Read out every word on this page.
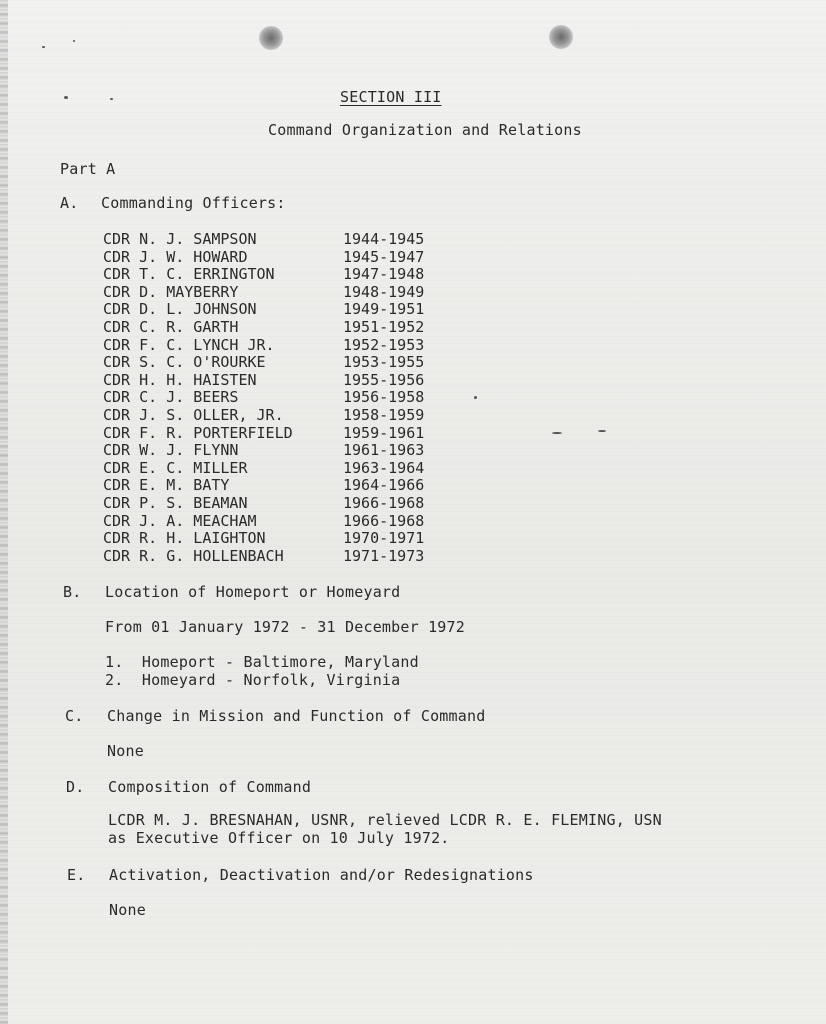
SECTION III
Command Organization and Relations
Part A
A. Commanding Officers:
CDR N. J. SAMPSON	1944-1945
CDR J. W. HOWARD	1945-1947
CDR T. C. ERRINGTON	1947-1948
CDR D. MAYBERRY	1948-1949
CDR D. L. JOHNSON	1949-1951
CDR C. R. GARTH	1951-1952
CDR F. C. LYNCH JR.	1952-1953
CDR S. C. O'ROURKE	1953-1955
CDR H. H. HAISTEN	1955-1956
CDR C. J. BEERS	1956-1958
CDR J. S. OLLER, JR.	1958-1959
CDR F. R. PORTERFIELD	1959-1961
CDR W. J. FLYNN	1961-1963
CDR E. C. MILLER	1963-1964
CDR E. M. BATY	1964-1966
CDR P. S. BEAMAN	1966-1968
CDR J. A. MEACHAM	1966-1968
CDR R. H. LAIGHTON	1970-1971
CDR R. G. HOLLENBACH	1971-1973
B. Location of Homeport or Homeyard
From 01 January 1972 - 31 December 1972
1.  Homeport - Baltimore, Maryland
2.  Homeyard - Norfolk, Virginia
C. Change in Mission and Function of Command
None
D. Composition of Command
LCDR M. J. BRESNAHAN, USNR, relieved LCDR R. E. FLEMING, USN
as Executive Officer on 10 July 1972.
E. Activation, Deactivation and/or Redesignations
None
